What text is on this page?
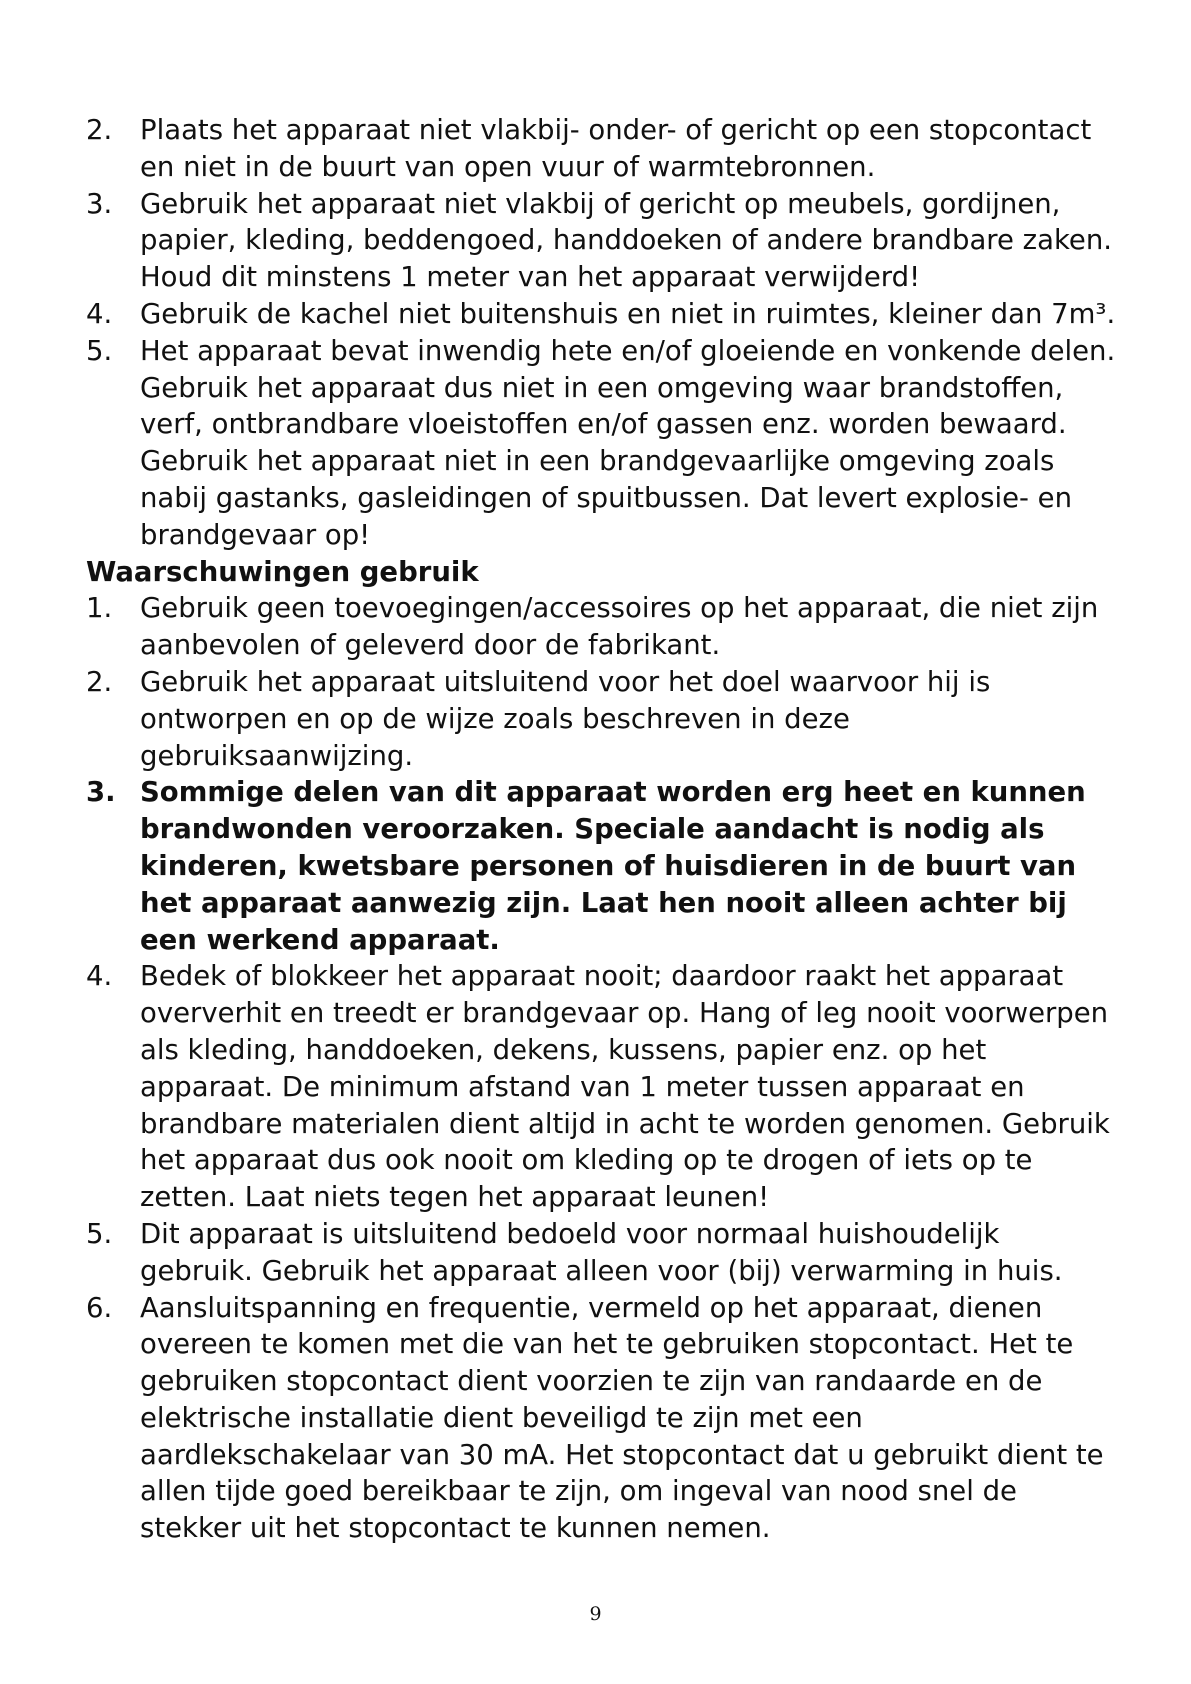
2. Plaats het apparaat niet vlakbij- onder- of gericht op een stopcontact en niet in de buurt van open vuur of warmtebronnen.
3. Gebruik het apparaat niet vlakbij of gericht op meubels, gordijnen, papier, kleding, beddengoed, handdoeken of andere brandbare zaken. Houd dit minstens 1 meter van het apparaat verwijderd!
4. Gebruik de kachel niet buitenshuis en niet in ruimtes, kleiner dan 7m³.
5. Het apparaat bevat inwendig hete en/of gloeiende en vonkende delen. Gebruik het apparaat dus niet in een omgeving waar brandstoffen, verf, ontbrandbare vloeistoffen en/of gassen enz. worden bewaard. Gebruik het apparaat niet in een brandgevaarlijke omgeving zoals nabij gastanks, gasleidingen of spuitbussen. Dat levert explosie- en brandgevaar op!
Waarschuwingen gebruik
1. Gebruik geen toevoegingen/accessoires op het apparaat, die niet zijn aanbevolen of geleverd door de fabrikant.
2. Gebruik het apparaat uitsluitend voor het doel waarvoor hij is ontworpen en op de wijze zoals beschreven in deze gebruiksaanwijzing.
3. Sommige delen van dit apparaat worden erg heet en kunnen brandwonden veroorzaken. Speciale aandacht is nodig als kinderen, kwetsbare personen of huisdieren in de buurt van het apparaat aanwezig zijn. Laat hen nooit alleen achter bij een werkend apparaat.
4. Bedek of blokkeer het apparaat nooit; daardoor raakt het apparaat oververhit en treedt er brandgevaar op. Hang of leg nooit voorwerpen als kleding, handdoeken, dekens, kussens, papier enz. op het apparaat. De minimum afstand van 1 meter tussen apparaat en brandbare materialen dient altijd in acht te worden genomen. Gebruik het apparaat dus ook nooit om kleding op te drogen of iets op te zetten. Laat niets tegen het apparaat leunen!
5. Dit apparaat is uitsluitend bedoeld voor normaal huishoudelijk gebruik. Gebruik het apparaat alleen voor (bij) verwarming in huis.
6. Aansluitspanning en frequentie, vermeld op het apparaat, dienen overeen te komen met die van het te gebruiken stopcontact. Het te gebruiken stopcontact dient voorzien te zijn van randaarde en de elektrische installatie dient beveiligd te zijn met een aardlekschakelaar van 30 mA. Het stopcontact dat u gebruikt dient te allen tijde goed bereikbaar te zijn, om ingeval van nood snel de stekker uit het stopcontact te kunnen nemen.
9
